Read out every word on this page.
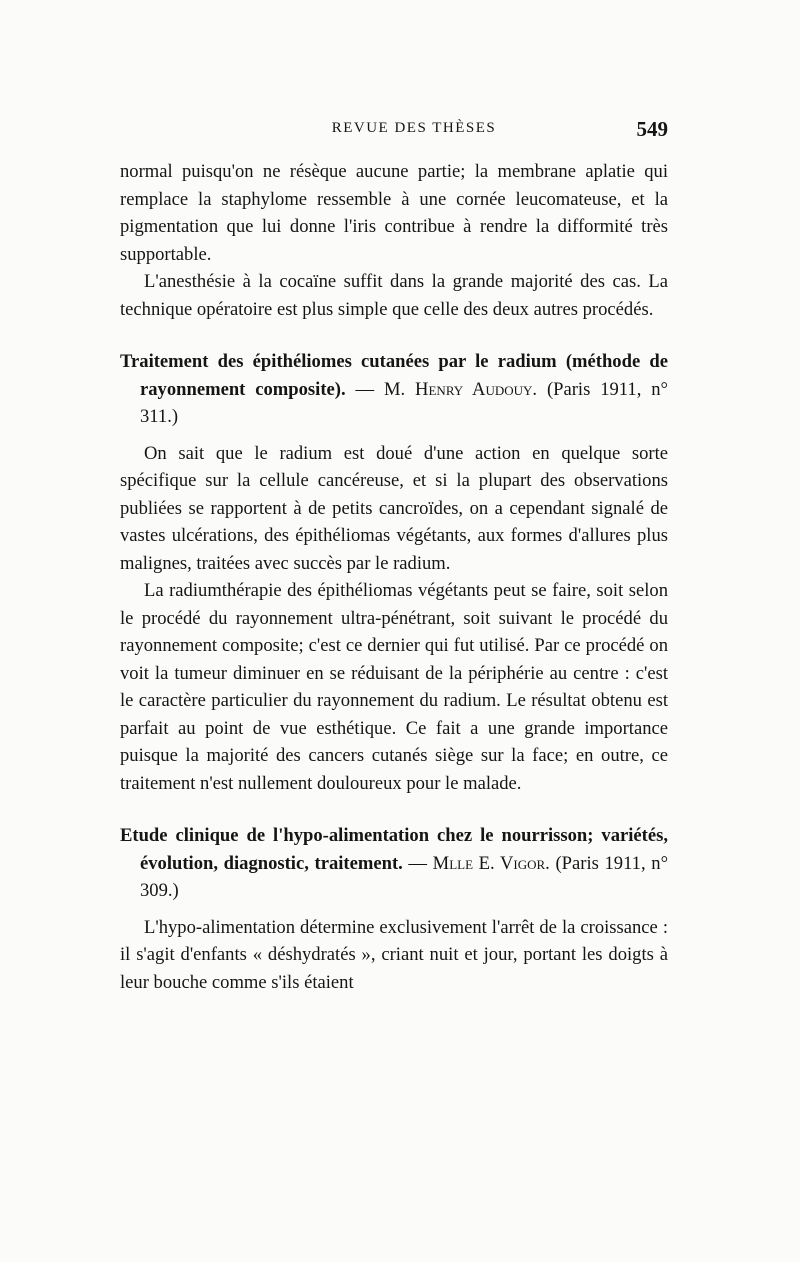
REVUE DES THÈSES	549

normal puisqu'on ne résèque aucune partie; la membrane aplatie qui remplace la staphylome ressemble à une cornée leucomateuse, et la pigmentation que lui donne l'iris contribue à rendre la difformité très supportable.

L'anesthésie à la cocaïne suffit dans la grande majorité des cas. La technique opératoire est plus simple que celle des deux autres procédés.

Traitement des épithéliomes cutanées par le radium (méthode de rayonnement composite). — M. Henry Audouy. (Paris 1911, n° 311.)

On sait que le radium est doué d'une action en quelque sorte spécifique sur la cellule cancéreuse, et si la plupart des observations publiées se rapportent à de petits cancroïdes, on a cependant signalé de vastes ulcérations, des épithéliomas végétants, aux formes d'allures plus malignes, traitées avec succès par le radium.

La radiumthérapie des épithéliomas végétants peut se faire, soit selon le procédé du rayonnement ultra-pénétrant, soit suivant le procédé du rayonnement composite; c'est ce dernier qui fut utilisé. Par ce procédé on voit la tumeur diminuer en se réduisant de la périphérie au centre : c'est le caractère particulier du rayonnement du radium. Le résultat obtenu est parfait au point de vue esthétique. Ce fait a une grande importance puisque la majorité des cancers cutanés siège sur la face; en outre, ce traitement n'est nullement douloureux pour le malade.

Etude clinique de l'hypo-alimentation chez le nourrisson; variétés, évolution, diagnostic, traitement. — Mlle E. Vigor. (Paris 1911, n° 309.)

L'hypo-alimentation détermine exclusivement l'arrêt de la croissance : il s'agit d'enfants « déshydratés », criant nuit et jour, portant les doigts à leur bouche comme s'ils étaient
